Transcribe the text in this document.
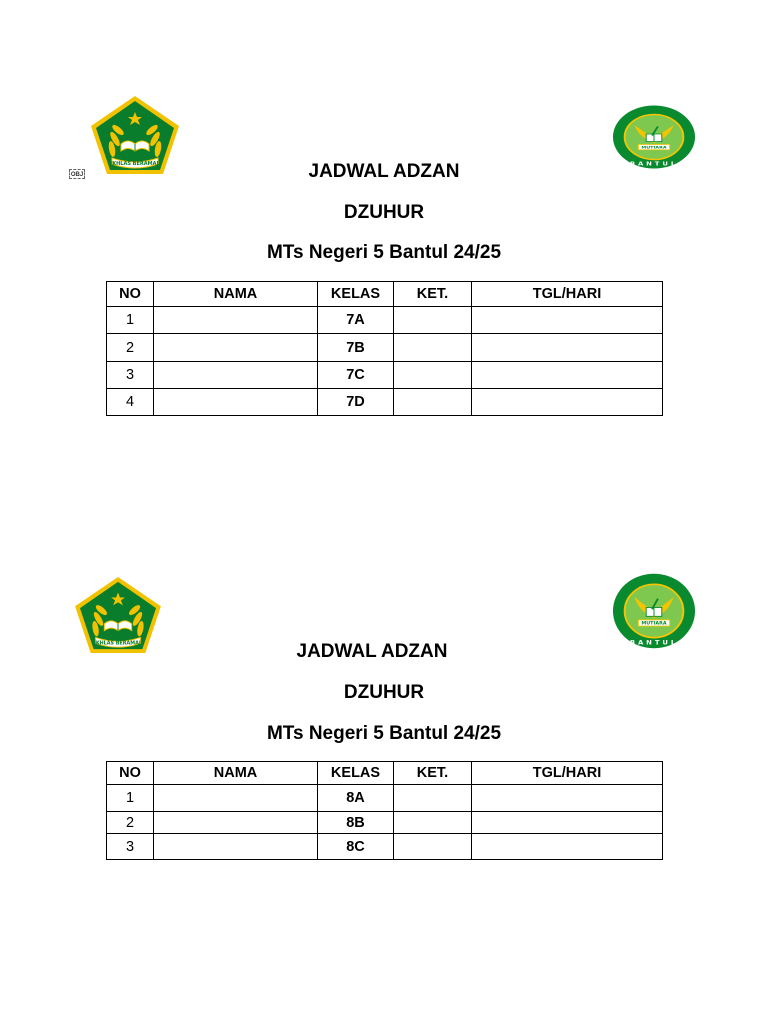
IKHLAS BERAMAL
MUTIARA
BANTUL
OBJ	JADWAL ADZAN
DZUHUR
MTs Negeri 5 Bantul 24/25
NO	NAMA	KELAS	KET.	TGL/HARI
1		7A		
2		7B		
3		7C		
4		7D		
IKHLAS BERAMAL
MUTIARA
BANTUL
JADWAL ADZAN
DZUHUR
MTs Negeri 5 Bantul 24/25
NO	NAMA	KELAS	KET.	TGL/HARI
1		8A		
2		8B		
3		8C		
